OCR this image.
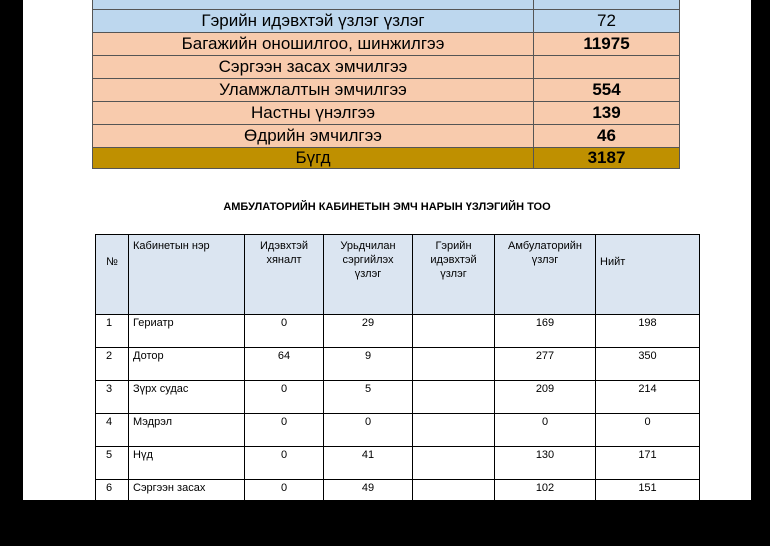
Гэрийн идэвхтэй үзлэг үзлэг	72
Багажийн оношилгоо, шинжилгээ	11975
Сэргээн засах эмчилгээ	
Уламжлалтын эмчилгээ	554
Настны үнэлгээ	139
Өдрийн эмчилгээ	46
Бүгд	3187
АМБУЛАТОРИЙН КАБИНЕТЫН ЭМЧ НАРЫН ҮЗЛЭГИЙН ТОО
№	Кабинетын нэр	Идэвхтэй хяналт	Урьдчилан сэргийлэх үзлэг	Гэрийн идэвхтэй үзлэг	Амбулаторийн үзлэг	Нийт
1	Гериатр	0	29		169	198
2	Дотор	64	9		277	350
3	Зүрх судас	0	5		209	214
4	Мэдрэл	0	0		0	0
5	Нүд	0	41		130	171
6	Сэргээн засах	0	49		102	151
7	Уламжлалт	0	7		153	160
